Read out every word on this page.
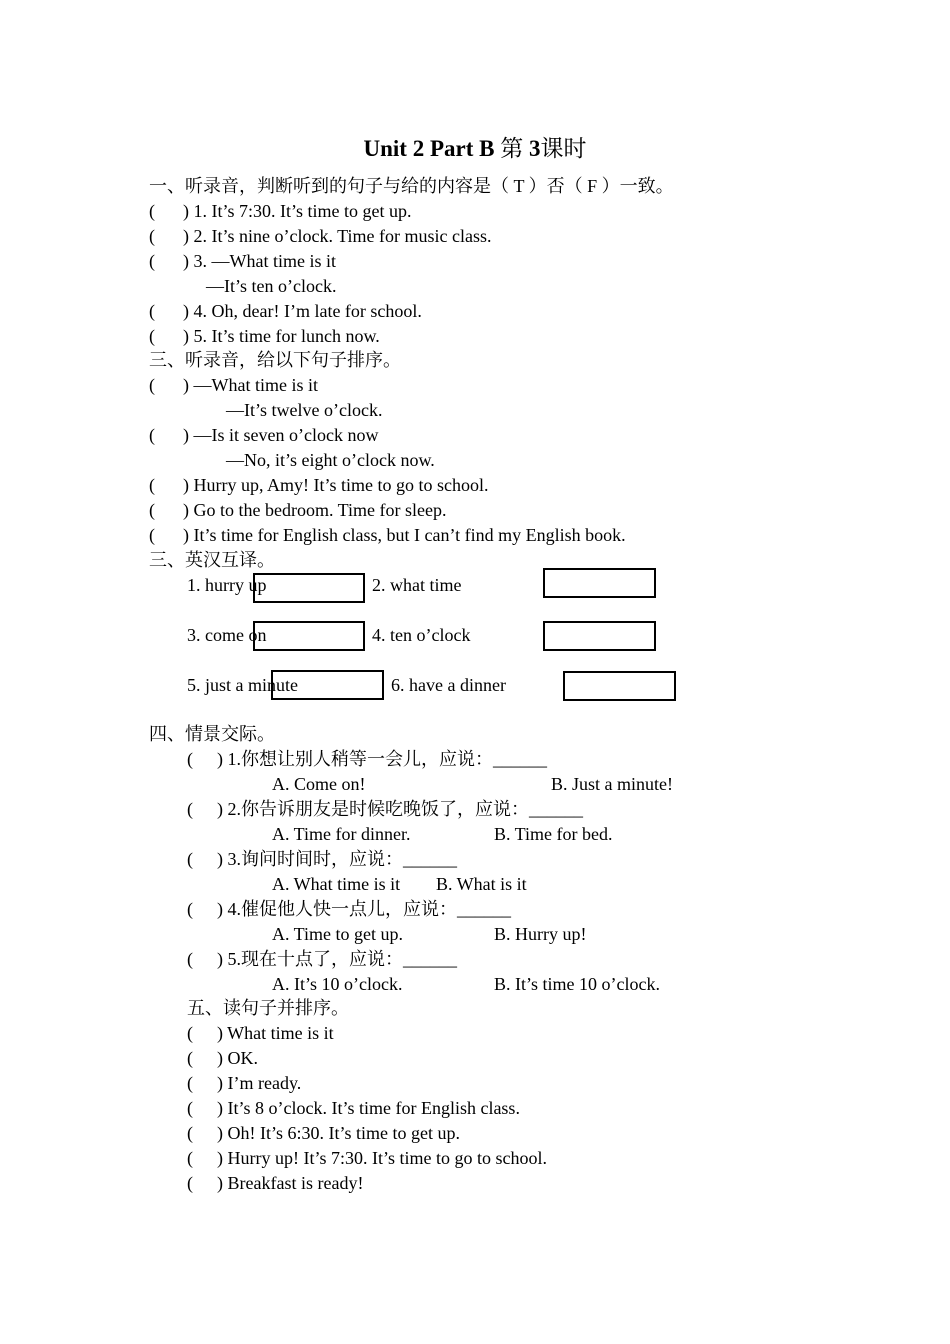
Unit 2 Part B 第 3课时
一、听录音，判断听到的句子与给的内容是（ T ）否（ F ）一致。
( ) 1. It’s 7:30. It’s time to get up.
( ) 2. It’s nine o’clock. Time for music class.
( ) 3. —What time is it
—It’s ten o’clock.
( ) 4. Oh, dear! I’m late for school.
( ) 5. It’s time for lunch now.
三、听录音，给以下句子排序。
( ) —What time is it
—It’s twelve o’clock.
( ) —Is it seven o’clock now
—No, it’s eight o’clock now.
( ) Hurry up, Amy! It’s time to go to school.
( ) Go to the bedroom. Time for sleep.
( ) It’s time for English class, but I can’t find my English book.
三、英汉互译。
1. hurry up	2. what time
3. come on	4. ten o’clock
5. just a minute	6. have a dinner
四、情景交际。
( ) 1.你想让别人稍等一会儿，应说：______
A. Come on!	B. Just a minute!
( ) 2.你告诉朋友是时候吃晚饭了，应说：______
A. Time for dinner.	B. Time for bed.
( ) 3.询问时间时，应说：______
A. What time is it B. What is it
( ) 4.催促他人快一点儿，应说：______
A. Time to get up.	B. Hurry up!
( ) 5.现在十点了，应说：______
A. It’s 10 o’clock.	B. It’s time 10 o’clock.
五、读句子并排序。
( ) What time is it
( ) OK.
( ) I’m ready.
( ) It’s 8 o’clock. It’s time for English class.
( ) Oh! It’s 6:30. It’s time to get up.
( ) Hurry up! It’s 7:30. It’s time to go to school.
( ) Breakfast is ready!
